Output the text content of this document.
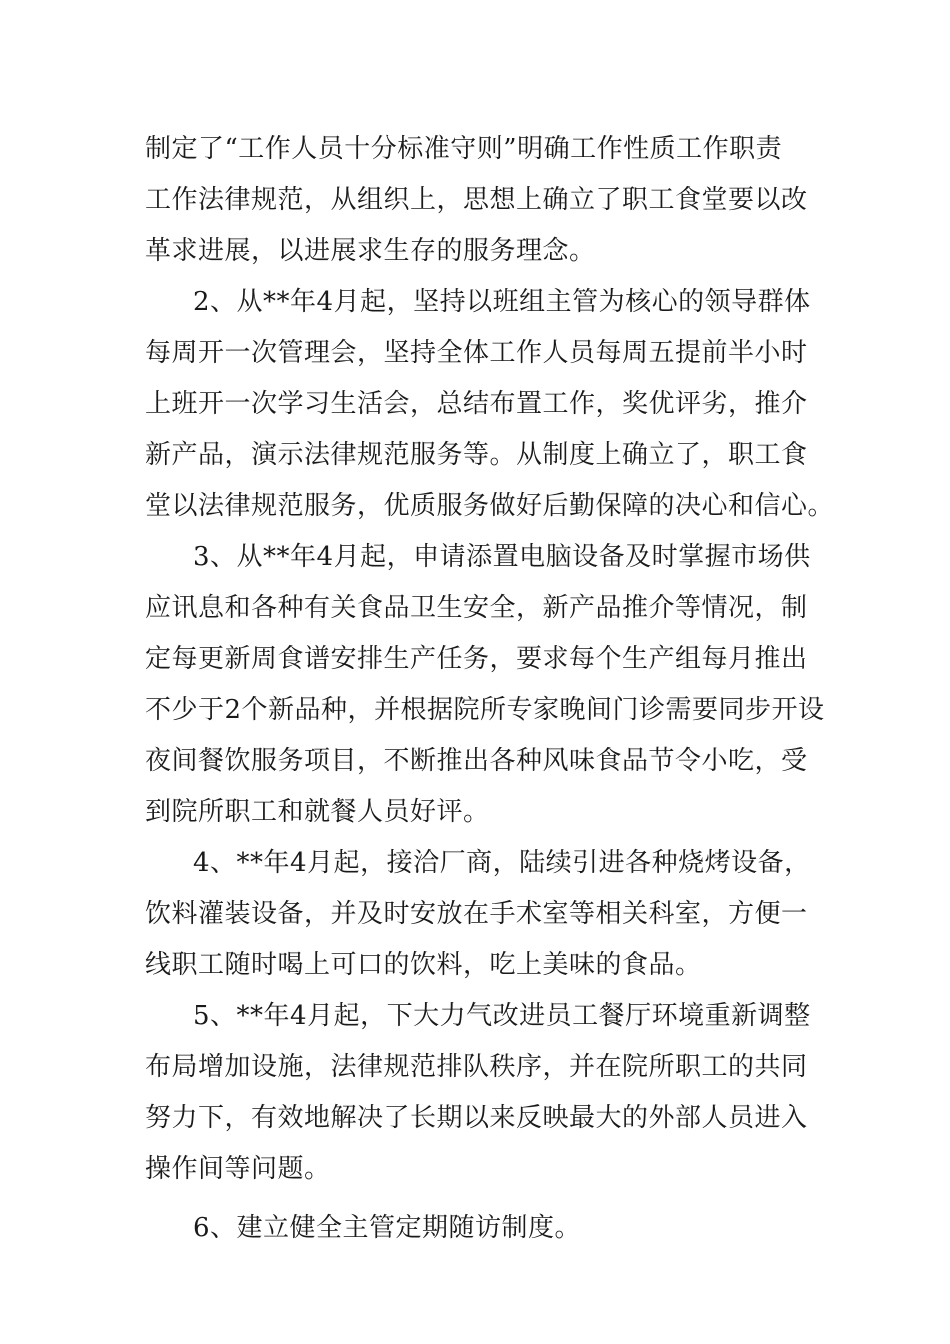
制定了“工作人员十分标准守则”明确工作性质工作职责
工作法律规范，从组织上，思想上确立了职工食堂要以改
革求进展，以进展求生存的服务理念。
2、从**年4月起，坚持以班组主管为核心的领导群体
每周开一次管理会，坚持全体工作人员每周五提前半小时
上班开一次学习生活会，总结布置工作，奖优评劣，推介
新产品，演示法律规范服务等。从制度上确立了，职工食
堂以法律规范服务，优质服务做好后勤保障的决心和信心。
3、从**年4月起，申请添置电脑设备及时掌握市场供
应讯息和各种有关食品卫生安全，新产品推介等情况，制
定每更新周食谱安排生产任务，要求每个生产组每月推出
不少于2个新品种，并根据院所专家晚间门诊需要同步开设
夜间餐饮服务项目，不断推出各种风味食品节令小吃，受
到院所职工和就餐人员好评。
4、**年4月起，接洽厂商，陆续引进各种烧烤设备，
饮料灌装设备，并及时安放在手术室等相关科室，方便一
线职工随时喝上可口的饮料，吃上美味的食品。
5、**年4月起，下大力气改进员工餐厅环境重新调整
布局增加设施，法律规范排队秩序，并在院所职工的共同
努力下，有效地解决了长期以来反映最大的外部人员进入
操作间等问题。
6、建立健全主管定期随访制度。
